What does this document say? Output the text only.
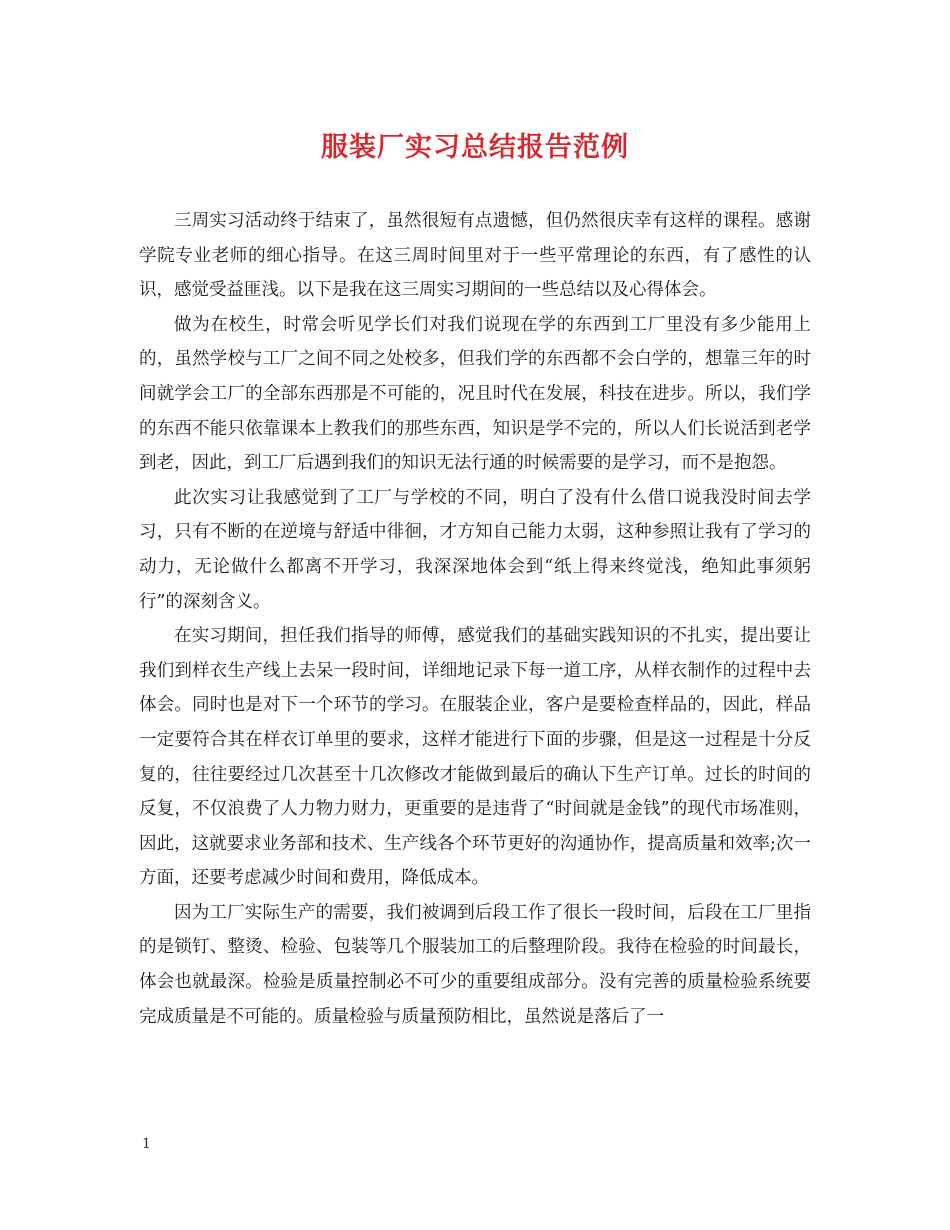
服装厂实习总结报告范例

三周实习活动终于结束了，虽然很短有点遗憾，但仍然很庆幸有这样的课程。感谢学院专业老师的细心指导。在这三周时间里对于一些平常理论的东西，有了感性的认识，感觉受益匪浅。以下是我在这三周实习期间的一些总结以及心得体会。

做为在校生，时常会听见学长们对我们说现在学的东西到工厂里没有多少能用上的，虽然学校与工厂之间不同之处校多，但我们学的东西都不会白学的，想靠三年的时间就学会工厂的全部东西那是不可能的，况且时代在发展，科技在进步。所以，我们学的东西不能只依靠课本上教我们的那些东西，知识是学不完的，所以人们长说活到老学到老，因此，到工厂后遇到我们的知识无法行通的时候需要的是学习，而不是抱怨。

此次实习让我感觉到了工厂与学校的不同，明白了没有什么借口说我没时间去学习，只有不断的在逆境与舒适中徘徊，才方知自己能力太弱，这种参照让我有了学习的动力，无论做什么都离不开学习，我深深地体会到“纸上得来终觉浅，绝知此事须躬行”的深刻含义。

在实习期间，担任我们指导的师傅，感觉我们的基础实践知识的不扎实，提出要让我们到样衣生产线上去呆一段时间，详细地记录下每一道工序，从样衣制作的过程中去体会。同时也是对下一个环节的学习。在服装企业，客户是要检查样品的，因此，样品一定要符合其在样衣订单里的要求，这样才能进行下面的步骤，但是这一过程是十分反复的，往往要经过几次甚至十几次修改才能做到最后的确认下生产订单。过长的时间的反复，不仅浪费了人力物力财力，更重要的是违背了“时间就是金钱”的现代市场准则，因此，这就要求业务部和技术、生产线各个环节更好的沟通协作，提高质量和效率;次一方面，还要考虑减少时间和费用，降低成本。

因为工厂实际生产的需要，我们被调到后段工作了很长一段时间，后段在工厂里指的是锁钉、整烫、检验、包装等几个服装加工的后整理阶段。我待在检验的时间最长，体会也就最深。检验是质量控制必不可少的重要组成部分。没有完善的质量检验系统要完成质量是不可能的。质量检验与质量预防相比，虽然说是落后了一

1
